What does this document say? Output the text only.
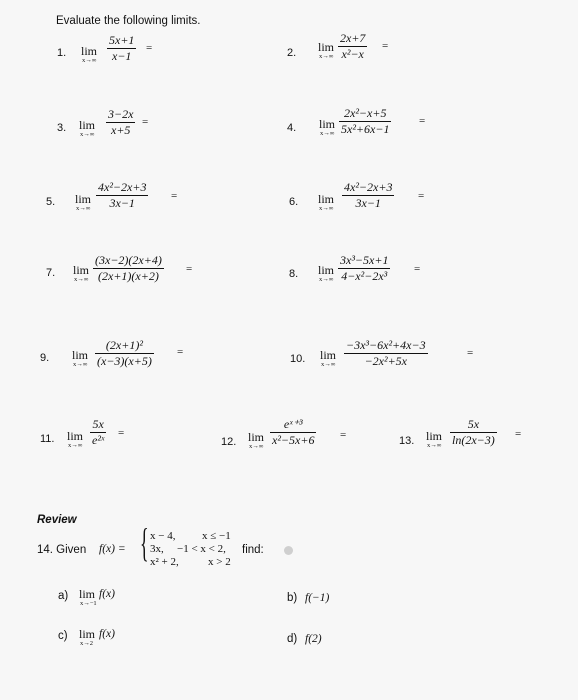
Evaluate the following limits.
1. lim
$x\to\infty \frac{5x+1}{x-1}$ =	2. lim
$x\to\infty \frac{2x+7}{\text{x²−x}}$ =
3. lim
$x\to\infty \frac{3-2x}{x+5}$ =	4. lim
$x\to\infty \frac{\text{2x²−x+5}}{\text{5x²+6x−1}}$	=
5. lim
$x\to\infty \frac{\text{4x²−2x+3}}{3x-1}$ =	6. lim
$x\to\infty \frac{\text{4x²−2x+3}}{3x-1}$ =
7. lim
$x\to\infty \frac{(3x-2)(2x+4)}{(2x+1)(x+2)}$ =	8. lim
$x\to\infty \frac{\text{3x³−5x+1}}{\text{4−x²−2x³}}$ =
9. lim
$x\to\infty \frac{\text{(2x+1)²}}{(x-3)(x+5)}$ =
10. lim
$x\to\infty \frac{\text{−3x³−6x²+4x−3}}{\text{−2x²+5x}}$	=
11. lim
$x\to\infty \frac{5x}{\text{e²ˣ}}$ =
12. lim
$x\to\infty \frac{\text{eˣ⁺³}}{\text{x²−5x+6}}$ =	13. lim
$x\to\infty \frac{5x}{\ln(2x-3)}$ =
Review
14. Given f(x) = { x − 4, x ≤ −1
3x, −1 < x < 2,
x² + 2,	x > 2
find:
a) lim
x→−1
f(x)	b) f(−1)
c) lim
x→2
f(x)	d) f(2)
